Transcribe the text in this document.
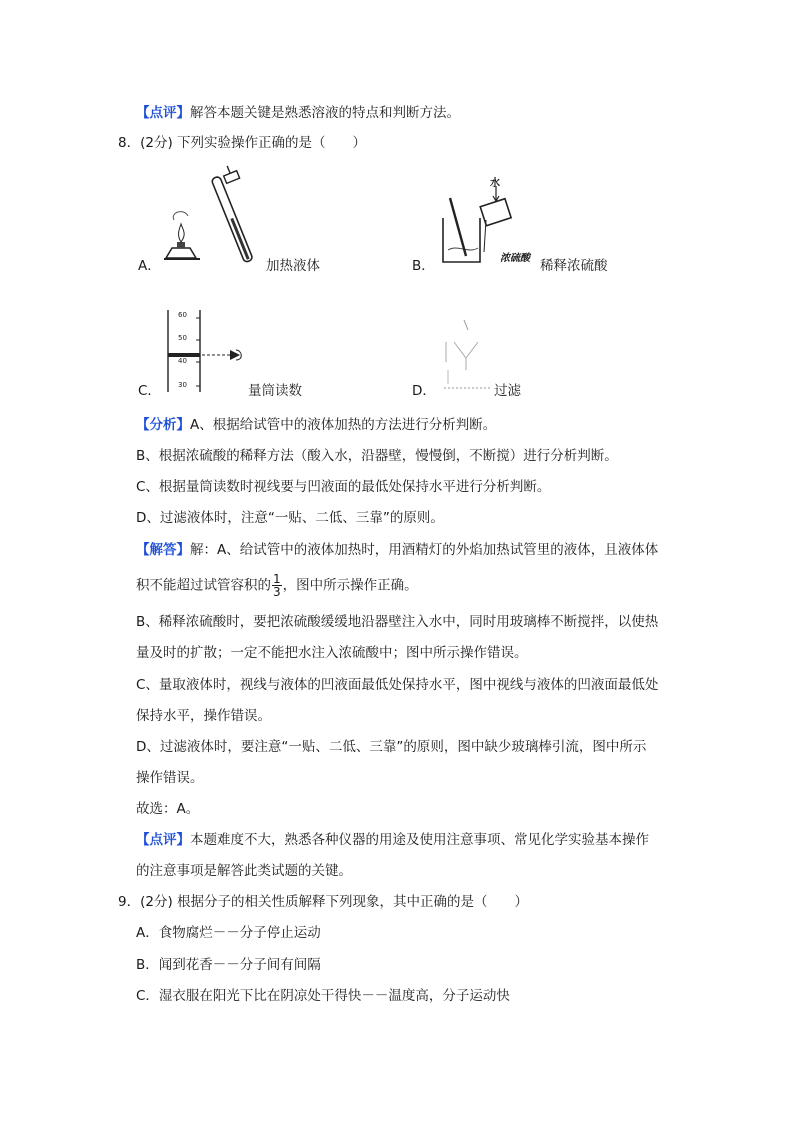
【点评】解答本题关键是熟悉溶液的特点和判断方法。
8．(2分) 下列实验操作正确的是（　　）
A．	加热液体	B．
水
浓硫酸 稀释浓硫酸
C．
60
50
40
30	量筒读数	D．	过滤
【分析】A、根据给试管中的液体加热的方法进行分析判断。
B、根据浓硫酸的稀释方法（酸入水，沿器壁，慢慢倒，不断搅）进行分析判断。
C、根据量筒读数时视线要与凹液面的最低处保持水平进行分析判断。
D、过滤液体时，注意“一贴、二低、三靠”的原则。
【解答】解：A、给试管中的液体加热时，用酒精灯的外焰加热试管里的液体，且液体体
积不能超过试管容积的 $\frac{1}{3}$ ，图中所示操作正确。
B、稀释浓硫酸时，要把浓硫酸缓缓地沿器壁注入水中，同时用玻璃棒不断搅拌，以使热
量及时的扩散；一定不能把水注入浓硫酸中；图中所示操作错误。
C、量取液体时，视线与液体的凹液面最低处保持水平，图中视线与液体的凹液面最低处
保持水平，操作错误。
D、过滤液体时，要注意“一贴、二低、三靠”的原则，图中缺少玻璃棒引流，图中所示
操作错误。
故选：A。
【点评】本题难度不大，熟悉各种仪器的用途及使用注意事项、常见化学实验基本操作
的注意事项是解答此类试题的关键。
9．(2分) 根据分子的相关性质解释下列现象，其中正确的是（　　）
A．食物腐烂－－分子停止运动
B．闻到花香－－分子间有间隔
C．湿衣服在阳光下比在阴凉处干得快－－温度高，分子运动快
